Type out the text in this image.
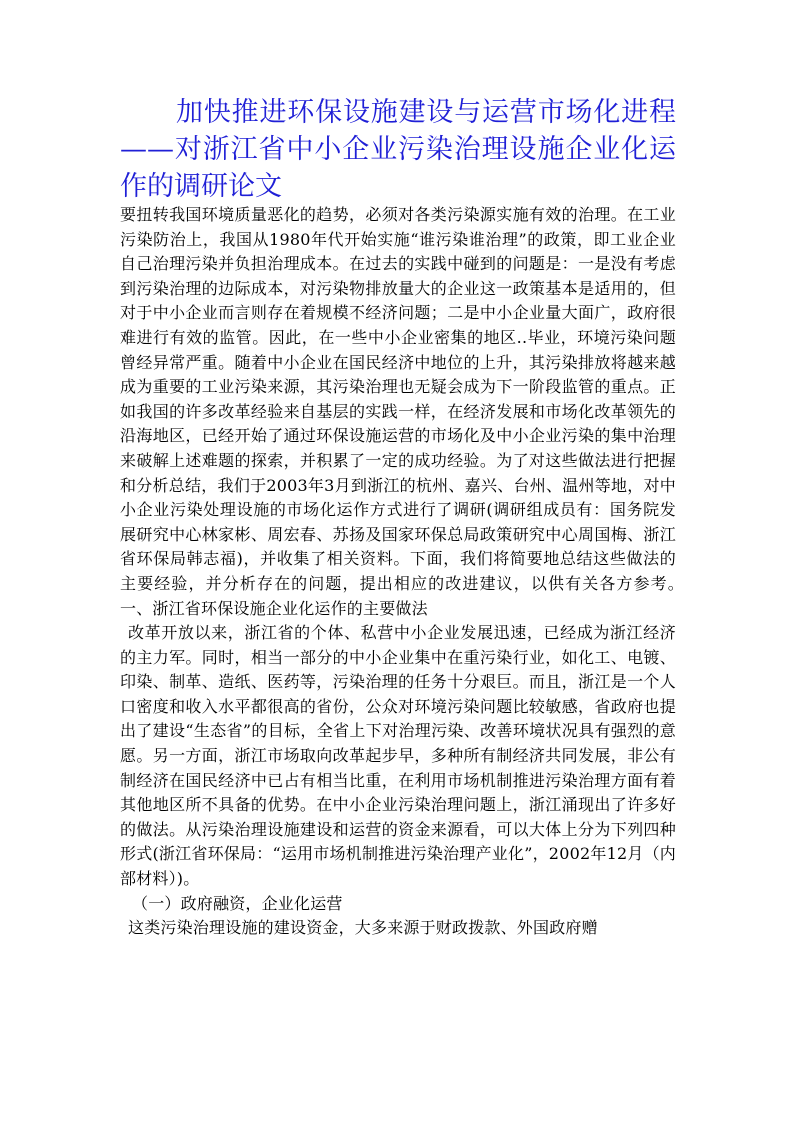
加快推进环保设施建设与运营市场化进程——对浙江省中小企业污染治理设施企业化运作的调研论文

要扭转我国环境质量恶化的趋势，必须对各类污染源实施有效的治理。在工业污染防治上，我国从1980年代开始实施“谁污染谁治理”的政策，即工业企业自己治理污染并负担治理成本。在过去的实践中碰到的问题是：一是没有考虑到污染治理的边际成本，对污染物排放量大的企业这一政策基本是适用的，但对于中小企业而言则存在着规模不经济问题；二是中小企业量大面广，政府很难进行有效的监管。因此，在一些中小企业密集的地区..毕业，环境污染问题曾经异常严重。随着中小企业在国民经济中地位的上升，其污染排放将越来越成为重要的工业污染来源，其污染治理也无疑会成为下一阶段监管的重点。正如我国的许多改革经验来自基层的实践一样，在经济发展和市场化改革领先的沿海地区，已经开始了通过环保设施运营的市场化及中小企业污染的集中治理来破解上述难题的探索，并积累了一定的成功经验。为了对这些做法进行把握和分析总结，我们于2003年3月到浙江的杭州、嘉兴、台州、温州等地，对中小企业污染处理设施的市场化运作方式进行了调研(调研组成员有：国务院发展研究中心林家彬、周宏春、苏扬及国家环保总局政策研究中心周国梅、浙江省环保局韩志福)，并收集了相关资料。下面，我们将简要地总结这些做法的主要经验，并分析存在的问题，提出相应的改进建议，以供有关各方参考。　一、浙江省环保设施企业化运作的主要做法

改革开放以来，浙江省的个体、私营中小企业发展迅速，已经成为浙江经济的主力军。同时，相当一部分的中小企业集中在重污染行业，如化工、电镀、印染、制革、造纸、医药等，污染治理的任务十分艰巨。而且，浙江是一个人口密度和收入水平都很高的省份，公众对环境污染问题比较敏感，省政府也提出了建设“生态省”的目标，全省上下对治理污染、改善环境状况具有强烈的意愿。另一方面，浙江市场取向改革起步早，多种所有制经济共同发展，非公有制经济在国民经济中已占有相当比重，在利用市场机制推进污染治理方面有着其他地区所不具备的优势。在中小企业污染治理问题上，浙江涌现出了许多好的做法。从污染治理设施建设和运营的资金来源看，可以大体上分为下列四种形式(浙江省环保局：“运用市场机制推进污染治理产业化”，2002年12月（内部材料）)。

（一）政府融资，企业化运营

这类污染治理设施的建设资金，大多来源于财政拨款、外国政府赠
